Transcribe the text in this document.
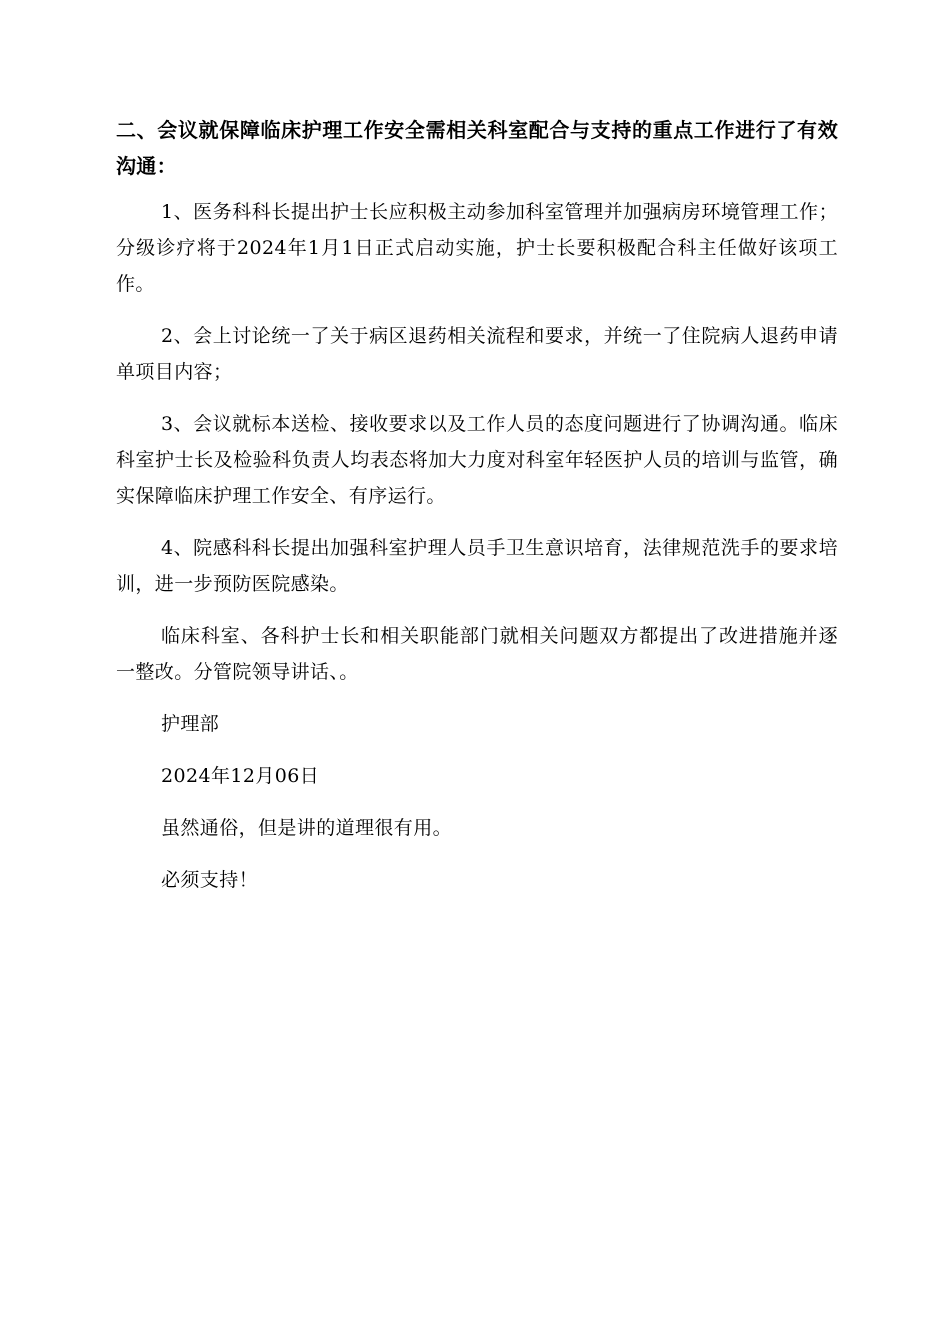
二、会议就保障临床护理工作安全需相关科室配合与支持的重点工作进行了有效沟通：

1、医务科科长提出护士长应积极主动参加科室管理并加强病房环境管理工作；分级诊疗将于2024年1月1日正式启动实施，护士长要积极配合科主任做好该项工作。

2、会上讨论统一了关于病区退药相关流程和要求，并统一了住院病人退药申请单项目内容；

3、会议就标本送检、接收要求以及工作人员的态度问题进行了协调沟通。临床科室护士长及检验科负责人均表态将加大力度对科室年轻医护人员的培训与监管，确实保障临床护理工作安全、有序运行。

4、院感科科长提出加强科室护理人员手卫生意识培育，法律规范洗手的要求培训，进一步预防医院感染。

临床科室、各科护士长和相关职能部门就相关问题双方都提出了改进措施并逐一整改。分管院领导讲话、。

护理部

2024年12月06日

虽然通俗，但是讲的道理很有用。

必须支持！
